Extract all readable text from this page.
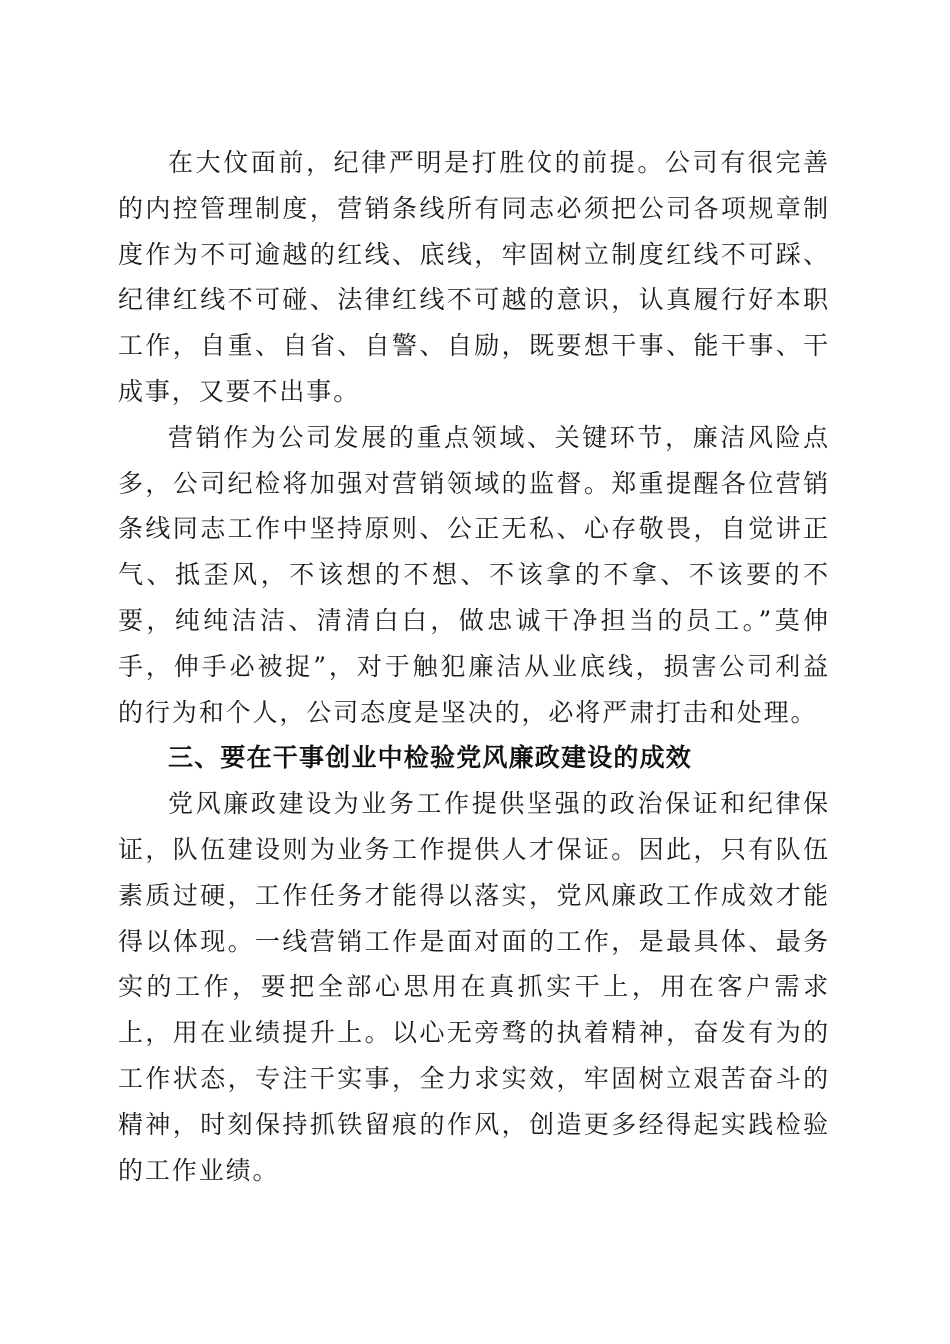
在大伩面前，纪律严明是打胜伩的前提。公司有很完善的内控管理制度，营销条线所有同志必须把公司各项规章制度作为不可逾越的红线、底线，牢固树立制度红线不可踩、纪律红线不可碰、法律红线不可越的意识，认真履行好本职工作，自重、自省、自警、自励，既要想干事、能干事、干成事，又要不出事。

营销作为公司发展的重点领域、关键环节，廉洁风险点多，公司纪检将加强对营销领域的监督。郑重提醒各位营销条线同志工作中坚持原则、公正无私、心存敬畏，自觉讲正气、抵歪风，不该想的不想、不该拿的不拿、不该要的不要，纯纯洁洁、清清白白，做忠诚干净担当的员工。”莫伸手，伸手必被捉”，对于触犯廉洁从业底线，损害公司利益的行为和个人，公司态度是坚决的，必将严肃打击和处理。

三、要在干事创业中检验党风廉政建设的成效

党风廉政建设为业务工作提供坚强的政治保证和纪律保证，队伍建设则为业务工作提供人才保证。因此，只有队伍素质过硬，工作任务才能得以落实，党风廉政工作成效才能得以体现。一线营销工作是面对面的工作，是最具体、最务实的工作，要把全部心思用在真抓实干上，用在客户需求上，用在业绩提升上。以心无旁骛的执着精神，奋发有为的工作状态，专注干实事，全力求实效，牢固树立艰苦奋斗的精神，时刻保持抓铁留痕的作风，创造更多经得起实践检验的工作业绩。
